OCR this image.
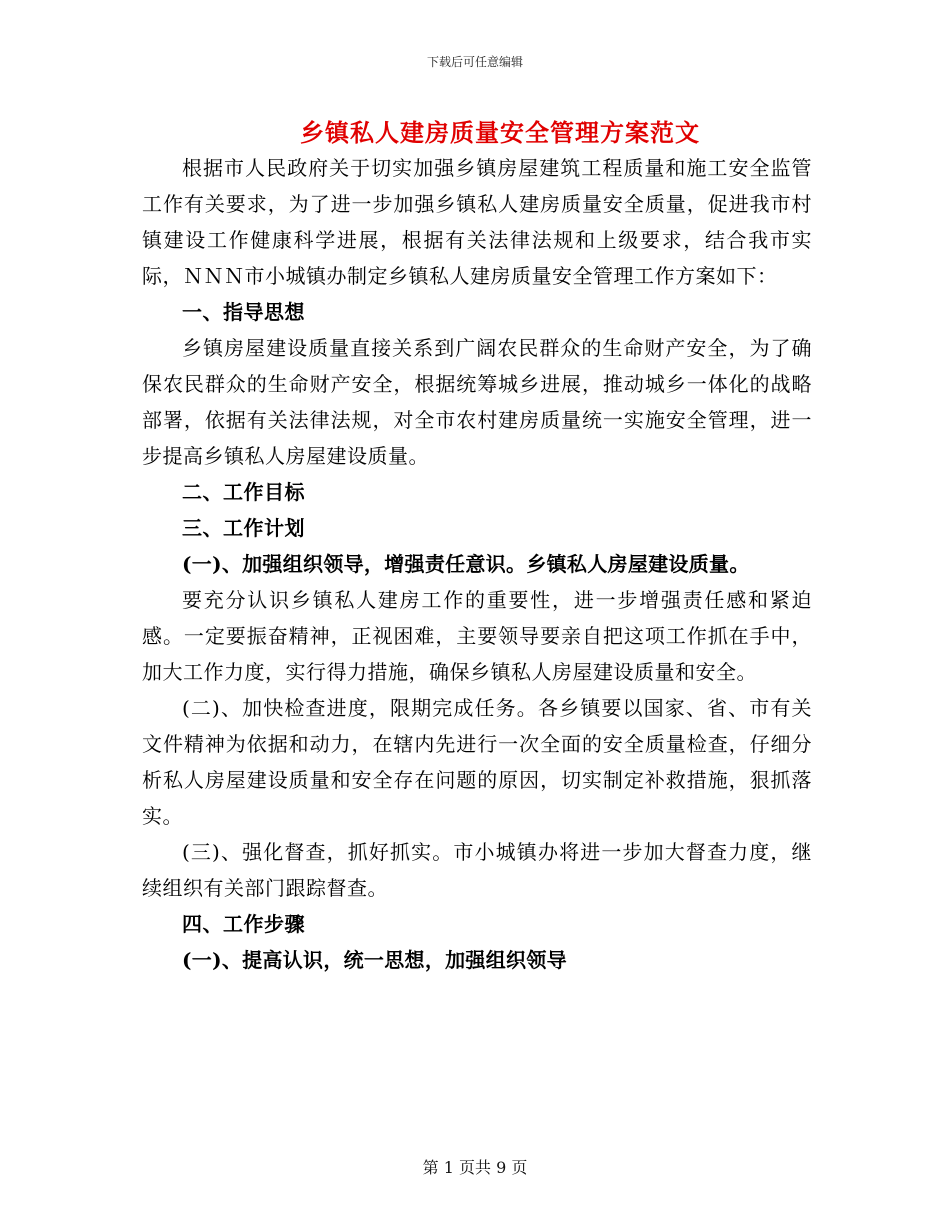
下载后可任意编辑
乡镇私人建房质量安全管理方案范文

根据市人民政府关于切实加强乡镇房屋建筑工程质量和施工安全监管工作有关要求，为了进一步加强乡镇私人建房质量安全质量，促进我市村镇建设工作健康科学进展，根据有关法律法规和上级要求，结合我市实际，ＮＮＮ市小城镇办制定乡镇私人建房质量安全管理工作方案如下：

一、指导思想

乡镇房屋建设质量直接关系到广阔农民群众的生命财产安全，为了确保农民群众的生命财产安全，根据统筹城乡进展，推动城乡一体化的战略部署，依据有关法律法规，对全市农村建房质量统一实施安全管理，进一步提高乡镇私人房屋建设质量。

二、工作目标

三、工作计划

(一)、加强组织领导，增强责任意识。乡镇私人房屋建设质量。

要充分认识乡镇私人建房工作的重要性，进一步增强责任感和紧迫感。一定要振奋精神，正视困难，主要领导要亲自把这项工作抓在手中，加大工作力度，实行得力措施，确保乡镇私人房屋建设质量和安全。

(二)、加快检查进度，限期完成任务。各乡镇要以国家、省、市有关文件精神为依据和动力，在辖内先进行一次全面的安全质量检查，仔细分析私人房屋建设质量和安全存在问题的原因，切实制定补救措施，狠抓落实。

(三)、强化督查，抓好抓实。市小城镇办将进一步加大督查力度，继续组织有关部门跟踪督查。

四、工作步骤

(一)、提高认识，统一思想，加强组织领导

第 1 页共 9 页
